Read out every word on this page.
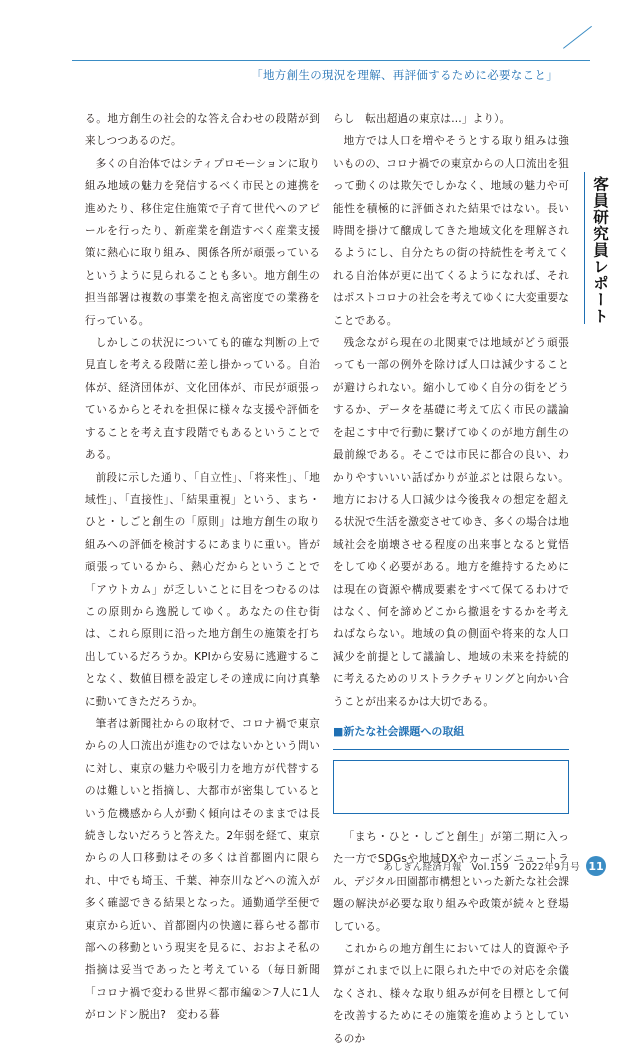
「地方創生の現況を理解、再評価するために必要なこと」

る。地方創生の社会的な答え合わせの段階が到来しつつあるのだ。

多くの自治体ではシティプロモーションに取り組み地域の魅力を発信するべく市民との連携を進めたり、移住定住施策で子育て世代へのアピールを行ったり、新産業を創造すべく産業支援策に熱心に取り組み、関係各所が頑張っているというように見られることも多い。地方創生の担当部署は複数の事業を抱え高密度での業務を行っている。

しかしこの状況についても的確な判断の上で見直しを考える段階に差し掛かっている。自治体が、経済団体が、文化団体が、市民が頑張っているからとそれを担保に様々な支援や評価をすることを考え直す段階でもあるということである。

前段に示した通り、「自立性」、「将来性」、「地域性」、「直接性」、「結果重視」という、まち・ひと・しごと創生の「原則」は地方創生の取り組みへの評価を検討するにあまりに重い。皆が頑張っているから、熱心だからということで「アウトカム」が乏しいことに目をつむるのはこの原則から逸脱してゆく。あなたの住む街は、これら原則に沿った地方創生の施策を打ち出しているだろうか。KPIから安易に逃避することなく、数値目標を設定しその達成に向け真摯に動いてきただろうか。

筆者は新聞社からの取材で、コロナ禍で東京からの人口流出が進むのではないかという問いに対し、東京の魅力や吸引力を地方が代替するのは難しいと指摘し、大都市が密集しているという危機感から人が動く傾向はそのままでは長続きしないだろうと答えた。2年弱を経て、東京からの人口移動はその多くは首都圏内に限られ、中でも埼玉、千葉、神奈川などへの流入が多く確認できる結果となった。通勤通学至便で東京から近い、首都圏内の快適に暮らせる都市部への移動という現実を見るに、おおよそ私の指摘は妥当であったと考えている（毎日新聞「コロナ禍で変わる世界＜都市編②＞7人に1人がロンドン脱出?　変わる暮

らし　転出超過の東京は…」より）。

地方では人口を増やそうとする取り組みは強いものの、コロナ禍での東京からの人口流出を狙って動くのは欺矢でしかなく、地域の魅力や可能性を積極的に評価された結果ではない。長い時間を掛けて醸成してきた地域文化を理解されるようにし、自分たちの街の持続性を考えてくれる自治体が更に出てくるようになれば、それはポストコロナの社会を考えてゆくに大変重要なことである。

残念ながら現在の北関東では地域がどう頑張っても一部の例外を除けば人口は減少することが避けられない。縮小してゆく自分の街をどうするか、データを基礎に考えて広く市民の議論を起こす中で行動に繋げてゆくのが地方創生の最前線である。そこでは市民に都合の良い、わかりやすいいい話ばかりが並ぶとは限らない。地方における人口減少は今後我々の想定を超える状況で生活を激変させてゆき、多くの場合は地域社会を崩壊させる程度の出来事となると覚悟をしてゆく必要がある。地方を維持するためには現在の資源や構成要素をすべて保てるわけではなく、何を諦めどこから撤退をするかを考えねばならない。地域の負の側面や将来的な人口減少を前提として議論し、地域の未来を持続的に考えるためのリストラクチャリングと向かい合うことが出来るかは大切である。

■新たな社会課題への取組

「まち・ひと・しごと創生」が第二期に入った一方でSDGsや地域DXやカーボンニュートラル、デジタル田園都市構想といった新たな社会課題の解決が必要な取り組みや政策が続々と登場している。

これからの地方創生においては人的資源や予算がこれまで以上に限られた中での対応を余儀なくされ、様々な取り組みが何を目標として何を改善するためにその施策を進めようとしているのか

客員研究員レポート
あしぎん経済月報　Vol.159　2022年9月号 11
